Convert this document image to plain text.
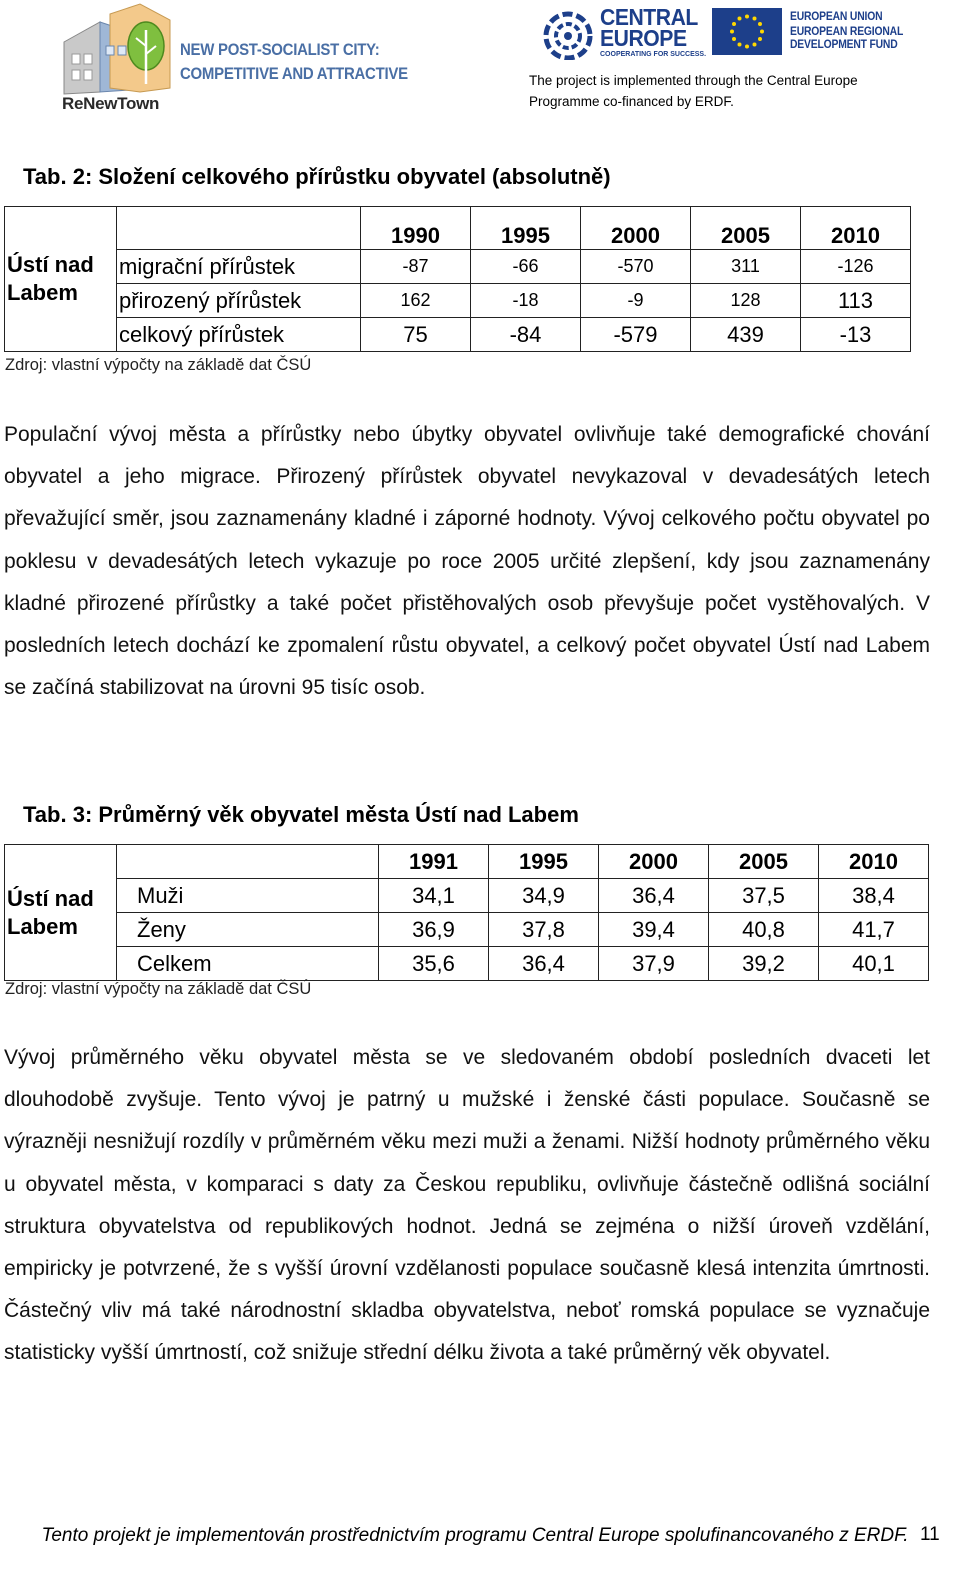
NEW POST-SOCIALIST CITY:
COMPETITIVE AND ATTRACTIVE
ReNewTown
CENTRAL
EUROPE
COOPERATING FOR SUCCESS.
EUROPEAN UNION
EUROPEAN REGIONAL
DEVELOPMENT FUND
The project is implemented through the Central Europe
Programme co-financed by ERDF.
Tab. 2: Složení celkového přírůstku obyvatel (absolutně)
Ústí nad
Labem		1990	1995	2000	2005	2010
	migrační přírůstek	-87	-66	-570	311	-126
	přirozený přírůstek	162	-18	-9	128	113
	celkový přírůstek	75	-84	-579	439	-13
Zdroj: vlastní výpočty na základě dat ČSÚ
Populační vývoj města a přírůstky nebo úbytky obyvatel ovlivňuje také demografické chování obyvatel a jeho migrace. Přirozený přírůstek obyvatel nevykazoval v devadesátých letech převažující směr, jsou zaznamenány kladné i záporné hodnoty. Vývoj celkového počtu obyvatel po poklesu v devadesátých letech vykazuje po roce 2005 určité zlepšení, kdy jsou zaznamenány kladné přirozené přírůstky a také počet přistěhovalých osob převyšuje počet vystěhovalých. V posledních letech dochází ke zpomalení růstu obyvatel, a celkový počet obyvatel Ústí nad Labem se začíná stabilizovat na úrovni 95 tisíc osob.
Tab. 3: Průměrný věk obyvatel města Ústí nad Labem
Ústí nad
Labem		1991	1995	2000	2005	2010
	Muži	34,1	34,9	36,4	37,5	38,4
	Ženy	36,9	37,8	39,4	40,8	41,7
	Celkem	35,6	36,4	37,9	39,2	40,1
Zdroj: vlastní výpočty na základě dat ČSÚ
Vývoj průměrného věku obyvatel města se ve sledovaném období posledních dvaceti let dlouhodobě zvyšuje. Tento vývoj je patrný u mužské i ženské části populace. Současně se výrazněji nesnižují rozdíly v průměrném věku mezi muži a ženami. Nižší hodnoty průměrného věku u obyvatel města, v komparaci s daty za Českou republiku, ovlivňuje částečně odlišná sociální struktura obyvatelstva od republikových hodnot. Jedná se zejména o nižší úroveň vzdělání, empiricky je potvrzené, že s vyšší úrovní vzdělanosti populace současně klesá intenzita úmrtnosti. Částečný vliv má také národnostní skladba obyvatelstva, neboť romská populace se vyznačuje statisticky vyšší úmrtností, což snižuje střední délku života a také průměrný věk obyvatel.
Tento projekt je implementován prostřednictvím programu Central Europe spolufinancovaného z ERDF. 11
